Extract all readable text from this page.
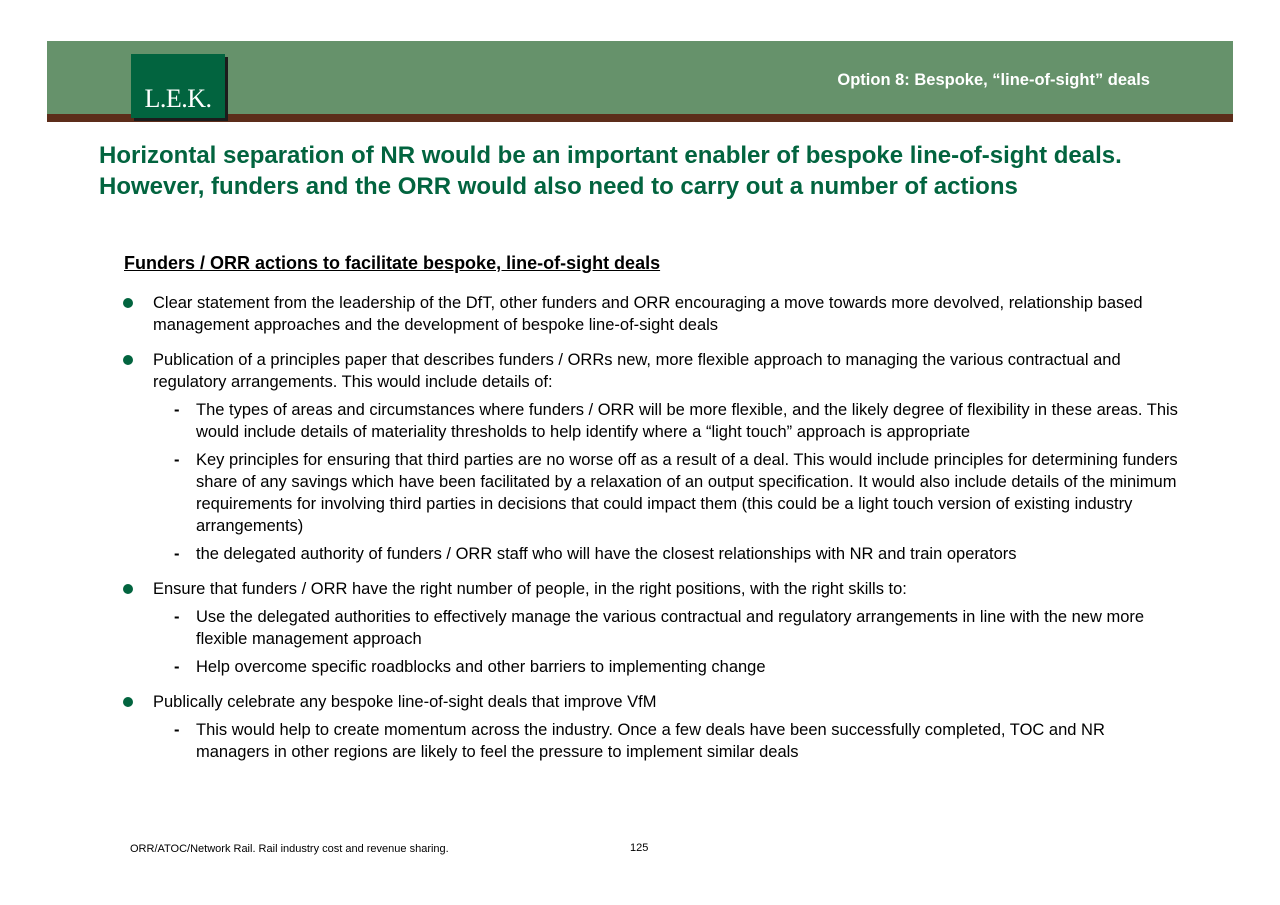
L.E.K.
Option 8: Bespoke, “line-of-sight” deals
Horizontal separation of NR would be an important enabler of bespoke line-of-sight deals.
However, funders and the ORR would also need to carry out a number of actions
Funders / ORR actions to facilitate bespoke, line-of-sight deals
Clear statement from the leadership of the DfT, other funders and ORR encouraging a move towards more devolved, relationship based management approaches and the development of bespoke line-of-sight deals
Publication of a principles paper that describes funders / ORRs new, more flexible approach to managing the various contractual and regulatory arrangements. This would include details of:
- The types of areas and circumstances where funders / ORR will be more flexible, and the likely degree of flexibility in these areas. This would include details of materiality thresholds to help identify where a “light touch” approach is appropriate
- Key principles for ensuring that third parties are no worse off as a result of a deal. This would include principles for determining funders share of any savings which have been facilitated by a relaxation of an output specification. It would also include details of the minimum requirements for involving third parties in decisions that could impact them (this could be a light touch version of existing industry arrangements)
- the delegated authority of funders / ORR staff who will have the closest relationships with NR and train operators
Ensure that funders / ORR have the right number of people, in the right positions, with the right skills to:
- Use the delegated authorities to effectively manage the various contractual and regulatory arrangements in line with the new more flexible management approach
- Help overcome specific roadblocks and other barriers to implementing change
Publically celebrate any bespoke line-of-sight deals that improve VfM
- This would help to create momentum across the industry. Once a few deals have been successfully completed, TOC and NR managers in other regions are likely to feel the pressure to implement similar deals
ORR/ATOC/Network Rail. Rail industry cost and revenue sharing.	125
